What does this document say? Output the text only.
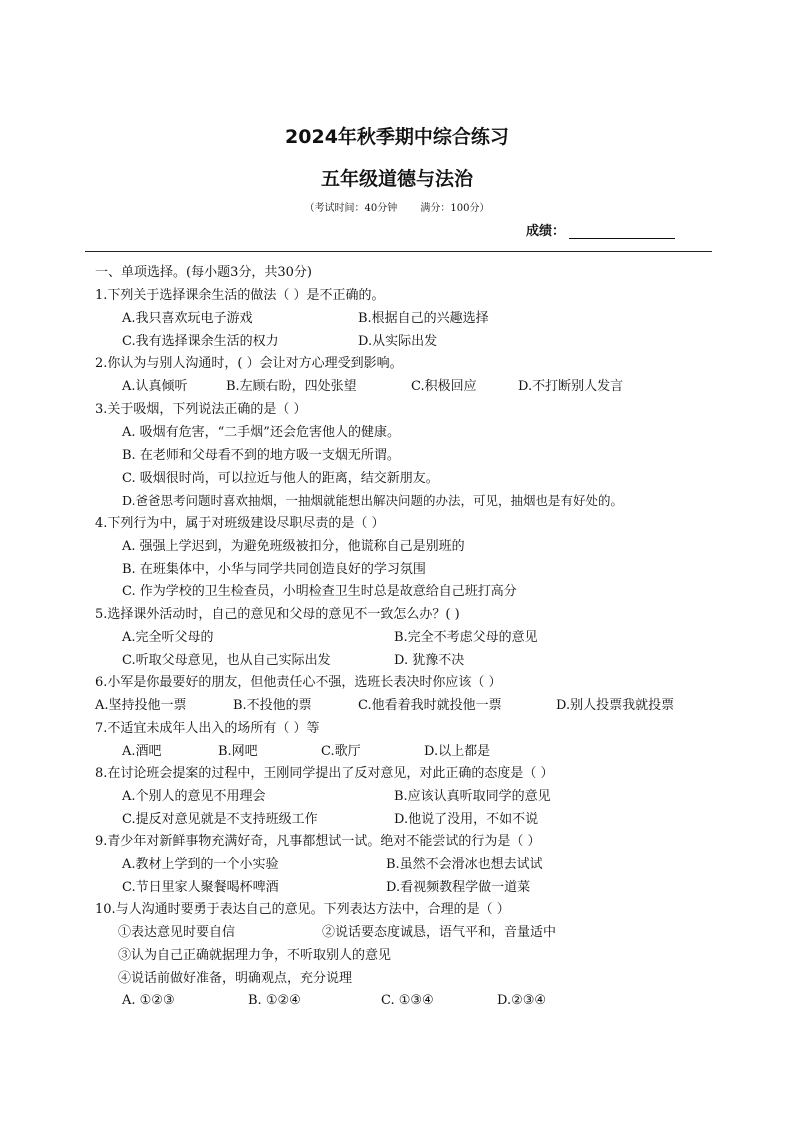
2024年秋季期中综合练习
五年级道德与法治
（考试时间：40分钟 满分：100分）
成绩：
一、单项选择。(每小题3分，共30分)
1.下列关于选择课余生活的做法（ ）是不正确的。
A.我只喜欢玩电子游戏	B.根据自己的兴趣选择
C.我有选择课余生活的权力	D.从实际出发
2.你认为与别人沟通时，( ）会让对方心理受到影响。
A.认真倾听	B.左顾右盼，四处张望	C.积极回应	D.不打断别人发言
3.关于吸烟，下列说法正确的是（ ）
A. 吸烟有危害，“二手烟”还会危害他人的健康。
B. 在老师和父母看不到的地方吸一支烟无所谓。
C. 吸烟很时尚，可以拉近与他人的距离，结交新朋友。
D.爸爸思考问题时喜欢抽烟，一抽烟就能想出解决问题的办法，可见，抽烟也是有好处的。
4.下列行为中，属于对班级建设尽职尽责的是（ ）
A. 强强上学迟到，为避免班级被扣分，他谎称自己是别班的
B. 在班集体中，小华与同学共同创造良好的学习氛围
C. 作为学校的卫生检查员，小明检查卫生时总是故意给自己班打高分
5.选择课外活动时，自己的意见和父母的意见不一致怎么办？( )
A.完全听父母的	B.完全不考虑父母的意见
C.听取父母意见，也从自己实际出发	D. 犹豫不决
6.小军是你最要好的朋友，但他责任心不强，选班长表决时你应该（ ）
A.坚持投他一票	B.不投他的票	C.他看着我时就投他一票	D.别人投票我就投票
7.不适宜未成年人出入的场所有（ ）等
A.酒吧	B.网吧	C.歌厅	D.以上都是
8.在讨论班会提案的过程中，王刚同学提出了反对意见，对此正确的态度是（ ）
A.个别人的意见不用理会	B.应该认真听取同学的意见
C.提反对意见就是不支持班级工作	D.他说了没用，不如不说
9.青少年对新鲜事物充满好奇，凡事都想试一试。绝对不能尝试的行为是（ ）
A.教材上学到的一个小实验	B.虽然不会滑冰也想去试试
C.节日里家人聚餐喝杯啤酒	D.看视频教程学做一道菜
10.与人沟通时要勇于表达自己的意见。下列表达方法中，合理的是（ ）
①表达意见时要自信	②说话要态度诚恳，语气平和，音量适中
③认为自己正确就据理力争，不听取别人的意见
④说话前做好准备，明确观点，充分说理
A. ①②③	B. ①②④	C. ①③④	D.②③④
